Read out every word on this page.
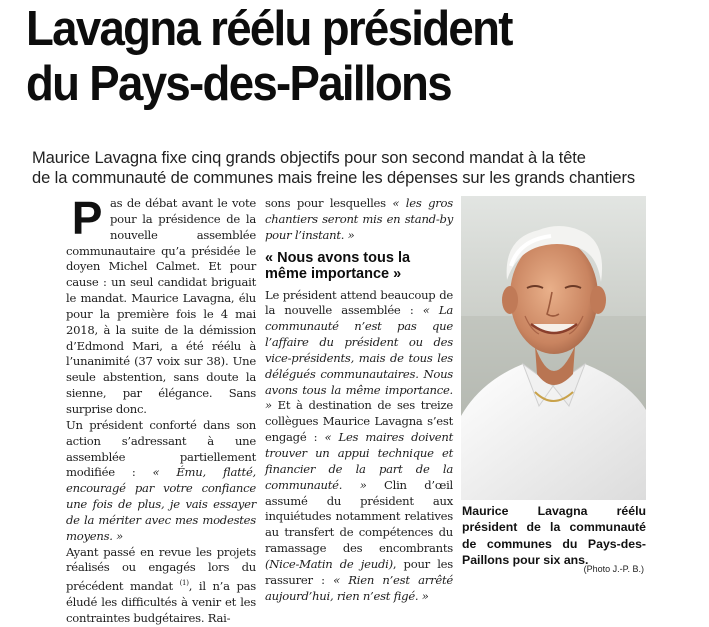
Lavagna réélu président
du Pays-des-Paillons
Maurice Lavagna fixe cinq grands objectifs pour son second mandat à la tête
de la communauté de communes mais freine les dépenses sur les grands chantiers

Pas de débat avant le vote pour la présidence de la nouvelle assemblée communautaire qu’a présidée le doyen Michel Calmet. Et pour cause : un seul candidat briguait le mandat. Maurice Lavagna, élu pour la première fois le 4 mai 2018, à la suite de la démission d’Edmond Mari, a été réélu à l’unanimité (37 voix sur 38). Une seule abstention, sans doute la sienne, par élégance. Sans surprise donc.

Un président conforté dans son action s’adressant à une assemblée partiellement modifiée : « Ému, flatté, encouragé par votre confiance une fois de plus, je vais essayer de la mériter avec mes modestes moyens. »

Ayant passé en revue les projets réalisés ou engagés lors du précédent mandat $^{(1)}$, il n’a pas éludé les difficultés à venir et les contraintes budgétaires. Rai-

sons pour lesquelles « les gros chantiers seront mis en stand-by pour l’instant. »

« Nous avons tous la même importance »

Le président attend beaucoup de la nouvelle assemblée : « La communauté n’est pas que l’affaire du président ou des vice-présidents, mais de tous les délégués communautaires. Nous avons tous la même importance. » Et à destination de ses treize collègues Maurice Lavagna s’est engagé : « Les maires doivent trouver un appui technique et financier de la part de la communauté. » Clin d’œil assumé du président aux inquiétudes notamment relatives au transfert de compétences du ramassage des encombrants (Nice-Matin de jeudi), pour les rassurer : « Rien n’est arrêté aujourd’hui, rien n’est figé. »

Maurice Lavagna réélu président de la communauté de communes du Pays-des-Paillons pour six ans.
(Photo J.-P. B.)
